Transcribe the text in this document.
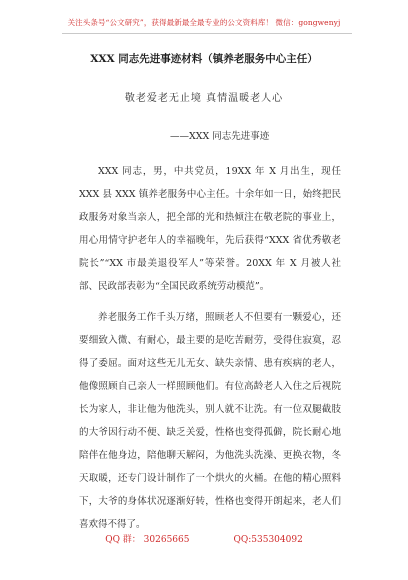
关注头条号“公文研究”，获得最新最全最专业的公文资料库！ 微信：gongwenyj
XXX 同志先进事迹材料（镇养老服务中心主任）
敬老爱老无止境 真情温暖老人心
——XXX 同志先进事迹

XXX 同志，男，中共党员，19XX 年 X 月出生，现任 XXX 县 XXX 镇养老服务中心主任。十余年如一日，始终把民政服务对象当亲人，把全部的光和热倾注在敬老院的事业上，用心用情守护老年人的幸福晚年，先后获得“XXX 省优秀敬老院长”“XX 市最美退役军人”等荣誉。20XX 年 X 月被人社部、民政部表彰为“全国民政系统劳动模范”。

养老服务工作千头万绪，照顾老人不但要有一颗爱心，还要细致入微、有耐心，最主要的是吃苦耐劳，受得住寂寞，忍得了委屈。面对这些无儿无女、缺失亲情、患有疾病的老人，他像照顾自己亲人一样照顾他们。有位高龄老人入住之后视院长为家人，非让他为他洗头，别人就不让洗。有一位双腿截肢的大爷因行动不便、缺乏关爱，性格也变得孤僻，院长耐心地陪伴在他身边，陪他聊天解闷，为他洗头洗澡、更换衣物，冬天取暖，还专门设计制作了一个烘火的火桶。在他的精心照料下，大爷的身体状况逐渐好转，性格也变得开朗起来，老人们喜欢得不得了。

QQ 群： 30265665	QQ:535304092
